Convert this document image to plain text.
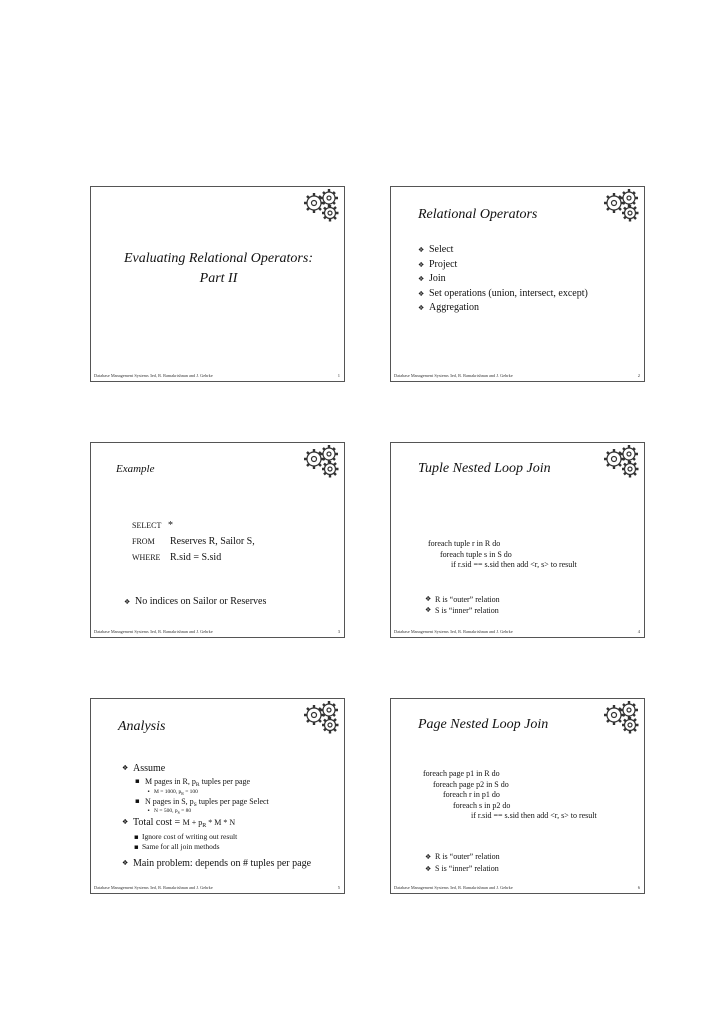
Evaluating Relational Operators:
Part II
Database Management Systems 3ed, R. Ramakrishnan and J. Gehrke	1
Relational Operators
❖ Select
❖ Project
❖ Join
❖ Set operations (union, intersect, except)
❖ Aggregation
Database Management Systems 3ed, R. Ramakrishnan and J. Gehrke	2
Example
SELECT *
FROM Reserves R, Sailor S,
WHERE R.sid = S.sid
❖ No indices on Sailor or Reserves
Database Management Systems 3ed, R. Ramakrishnan and J. Gehrke	3
Tuple Nested Loop Join
foreach tuple r in R do
foreach tuple s in S do
if r.sid == s.sid then add <r, s> to result
❖ R is “outer” relation
❖ S is “inner” relation
Database Management Systems 3ed, R. Ramakrishnan and J. Gehrke	4
Analysis
❖ Assume
▪ M pages in R, $p_R$ tuples per page
• M = 1000, $p_R = 100$
▪ N pages in S, $p_S$ tuples per page Select
• N = 500, $p_S = 80$
❖ Total $\cos t = M + p_R * M * N$
▪ Ignore cost of writing out result
▪ Same for all join methods
❖ Main problem: depends on # tuples per page
Database Management Systems 3ed, R. Ramakrishnan and J. Gehrke	5
Page Nested Loop Join
foreach page p1 in R do
foreach page p2 in S do
foreach r in p1 do
foreach s in p2 do
if r.sid == s.sid then add <r, s> to result
❖ R is “outer” relation
❖ S is “inner” relation
Database Management Systems 3ed, R. Ramakrishnan and J. Gehrke	6
